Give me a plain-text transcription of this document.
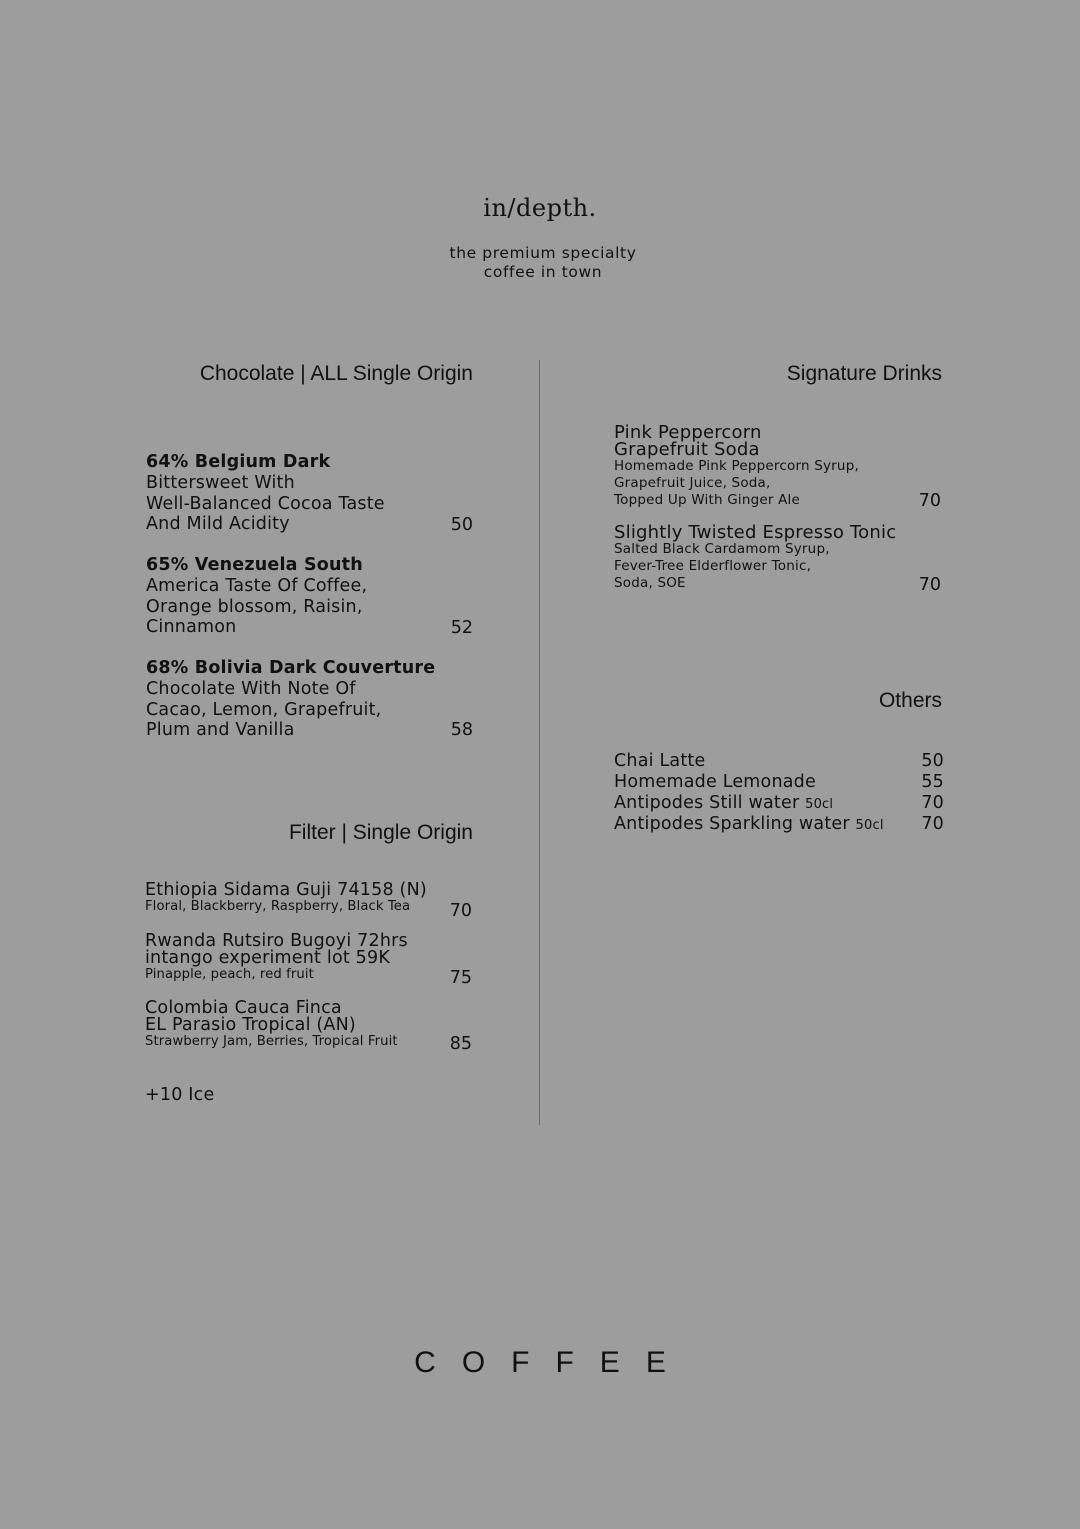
in/depth.
the premium specialty
coffee in town
Chocolate | ALL Single Origin
64% Belgium Dark
Bittersweet With
Well-Balanced Cocoa Taste
And Mild Acidity	50
65% Venezuela South
America Taste Of Coffee,
Orange blossom, Raisin,
Cinnamon	52
68% Bolivia Dark Couverture
Chocolate With Note Of
Cacao, Lemon, Grapefruit,
Plum and Vanilla	58
Filter | Single Origin
Ethiopia Sidama Guji 74158 (N)
Floral, Blackberry, Raspberry, Black Tea	70
Rwanda Rutsiro Bugoyi 72hrs
intango experiment lot 59K
Pinapple, peach, red fruit	75
Colombia Cauca Finca
EL Parasio Tropical (AN)
Strawberry Jam, Berries, Tropical Fruit	85
+10 Ice
Signature Drinks
Pink Peppercorn
Grapefruit Soda
Homemade Pink Peppercorn Syrup,
Grapefruit Juice, Soda,
Topped Up With Ginger Ale	70
Slightly Twisted Espresso Tonic
Salted Black Cardamom Syrup,
Fever-Tree Elderflower Tonic,
Soda, SOE	70
Others
Chai Latte	50
Homemade Lemonade	55
Antipodes Still water 50cl	70
Antipodes Sparkling water 50cl 70
COFFEE
